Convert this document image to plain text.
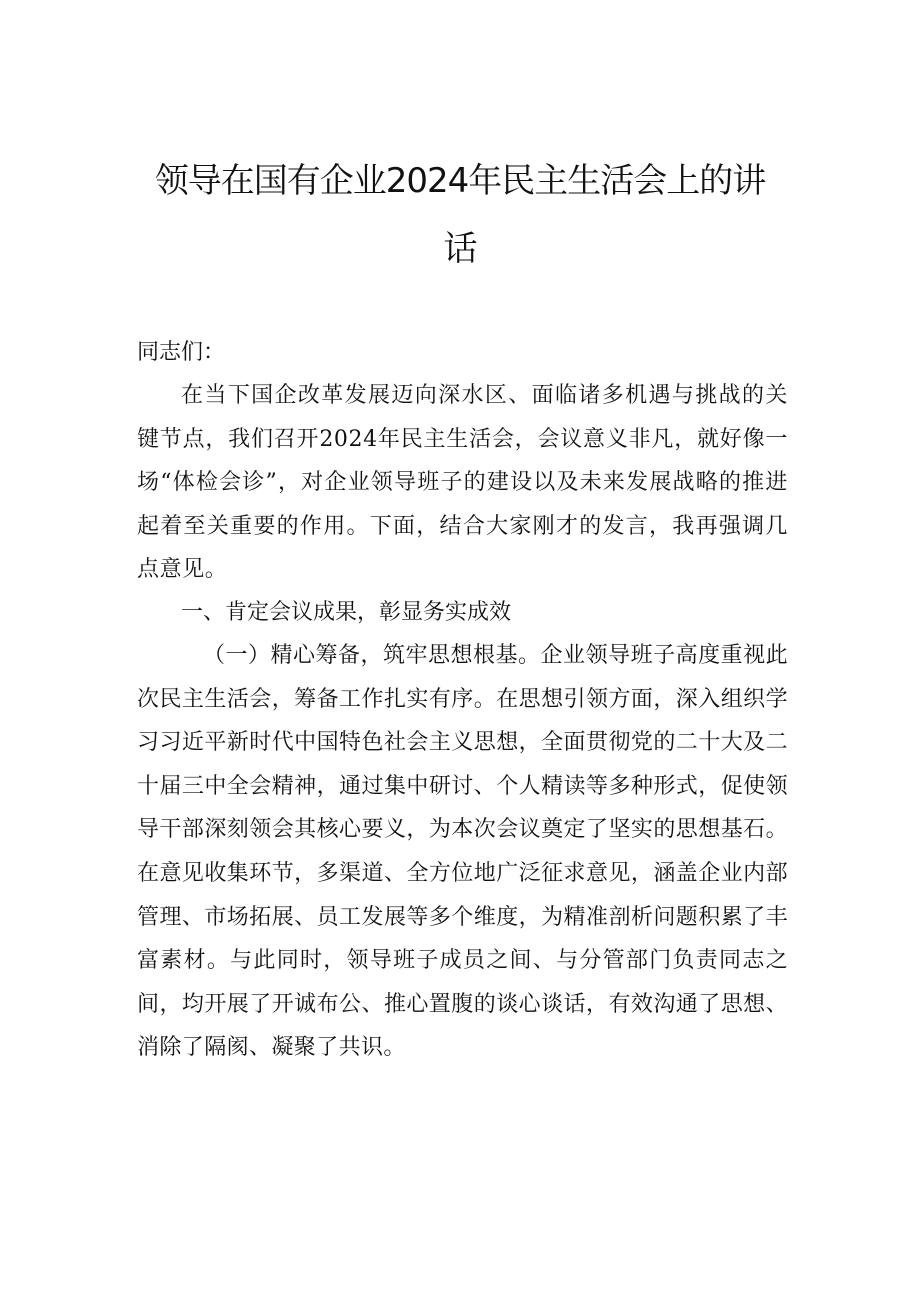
领导在国有企业2024年民主生活会上的讲
话
同志们：
在当下国企改革发展迈向深水区、面临诸多机遇与挑战的关键节点，我们召开2024年民主生活会，会议意义非凡，就好像一场“体检会诊”，对企业领导班子的建设以及未来发展战略的推进起着至关重要的作用。下面，结合大家刚才的发言，我再强调几点意见。
一、肯定会议成果，彰显务实成效
（一）精心筹备，筑牢思想根基。企业领导班子高度重视此次民主生活会，筹备工作扎实有序。在思想引领方面，深入组织学习习近平新时代中国特色社会主义思想，全面贯彻党的二十大及二十届三中全会精神，通过集中研讨、个人精读等多种形式，促使领导干部深刻领会其核心要义，为本次会议奠定了坚实的思想基石。在意见收集环节，多渠道、全方位地广泛征求意见，涵盖企业内部管理、市场拓展、员工发展等多个维度，为精准剖析问题积累了丰富素材。与此同时，领导班子成员之间、与分管部门负责同志之间，均开展了开诚布公、推心置腹的谈心谈话，有效沟通了思想、消除了隔阂、凝聚了共识。
